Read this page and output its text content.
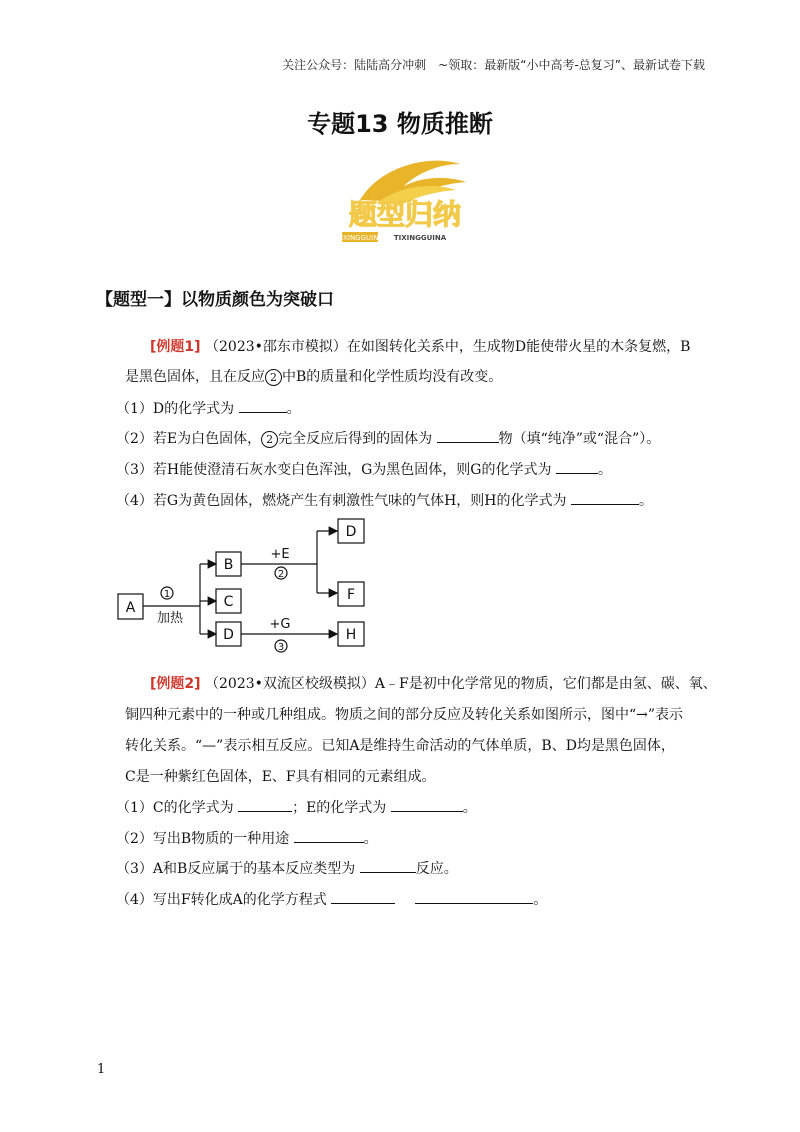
关注公众号：陆陆高分冲刺　~领取：最新版“小中高考-总复习”、最新试卷下载
专题13 物质推断
题型归纳
TIXINGGUINA TIXINGGUINA
【题型一】以物质颜色为突破口
[例题1] （2023•邵东市模拟）在如图转化关系中，生成物D能使带火星的木条复燃，B
是黑色固体，且在反应 2 中B的质量和化学性质均没有改变。
（1）D的化学式为	。
（2）若E为白色固体， 2 完全反应后得到的固体为	物（填“纯净”或“混合”）。
（3）若H能使澄清石灰水变白色浑浊，G为黑色固体，则G的化学式为	。
（4）若G为黄色固体，燃烧产生有刺激性气味的气体H，则H的化学式为	。
A
B
C
D
D
F
H
1
加热
+E
2
+G
3
[例题2] （2023•双流区校级模拟）A﹣F是初中化学常见的物质，它们都是由氢、碳、氧、
铜四种元素中的一种或几种组成。物质之间的部分反应及转化关系如图所示，图中“→”表示
转化关系。“—”表示相互反应。已知A是维持生命活动的气体单质，B、D均是黑色固体，
C是一种紫红色固体，E、F具有相同的元素组成。
（1）C的化学式为	；E的化学式为	。
（2）写出B物质的一种用途	。
（3）A和B反应属于的基本反应类型为	反应。
（4）写出F转化成A的化学方程式	。
1
